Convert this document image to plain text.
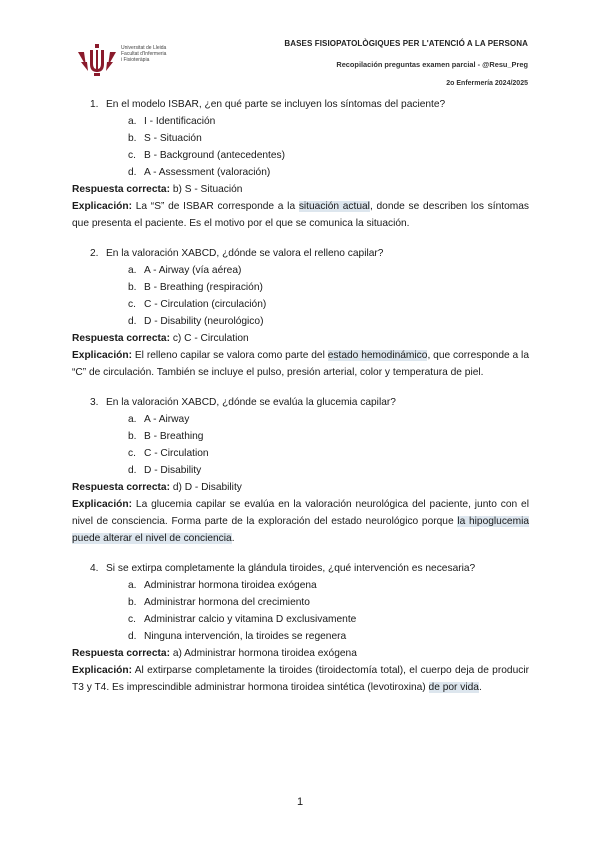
Universitat de Lleida
Facultat d'Infermeria
i Fisioteràpia
BASES FISIOPATOLÒGIQUES PER L'ATENCIÓ A LA PERSONA
Recopilación preguntas examen parcial - @Resu_Preg
2o Enfermería 2024/2025
1. En el modelo ISBAR, ¿en qué parte se incluyen los síntomas del paciente?
a. I - Identificación
b. S - Situación
c. B - Background (antecedentes)
d. A - Assessment (valoración)
Respuesta correcta: b) S - Situación
Explicación: La “S” de ISBAR corresponde a la situación actual, donde se describen los síntomas que presenta el paciente. Es el motivo por el que se comunica la situación.
2. En la valoración XABCD, ¿dónde se valora el relleno capilar?
a. A - Airway (vía aérea)
b. B - Breathing (respiración)
c. C - Circulation (circulación)
d. D - Disability (neurológico)
Respuesta correcta: c) C - Circulation
Explicación: El relleno capilar se valora como parte del estado hemodinámico, que corresponde a la “C” de circulación. También se incluye el pulso, presión arterial, color y temperatura de piel.
3. En la valoración XABCD, ¿dónde se evalúa la glucemia capilar?
a. A - Airway
b. B - Breathing
c. C - Circulation
d. D - Disability
Respuesta correcta: d) D - Disability
Explicación: La glucemia capilar se evalúa en la valoración neurológica del paciente, junto con el nivel de consciencia. Forma parte de la exploración del estado neurológico porque la hipoglucemia puede alterar el nivel de conciencia.
4. Si se extirpa completamente la glándula tiroides, ¿qué intervención es necesaria?
a. Administrar hormona tiroidea exógena
b. Administrar hormona del crecimiento
c. Administrar calcio y vitamina D exclusivamente
d. Ninguna intervención, la tiroides se regenera
Respuesta correcta: a) Administrar hormona tiroidea exógena
Explicación: Al extirparse completamente la tiroides (tiroidectomía total), el cuerpo deja de producir T3 y T4. Es imprescindible administrar hormona tiroidea sintética (levotiroxina) de por vida.
1
